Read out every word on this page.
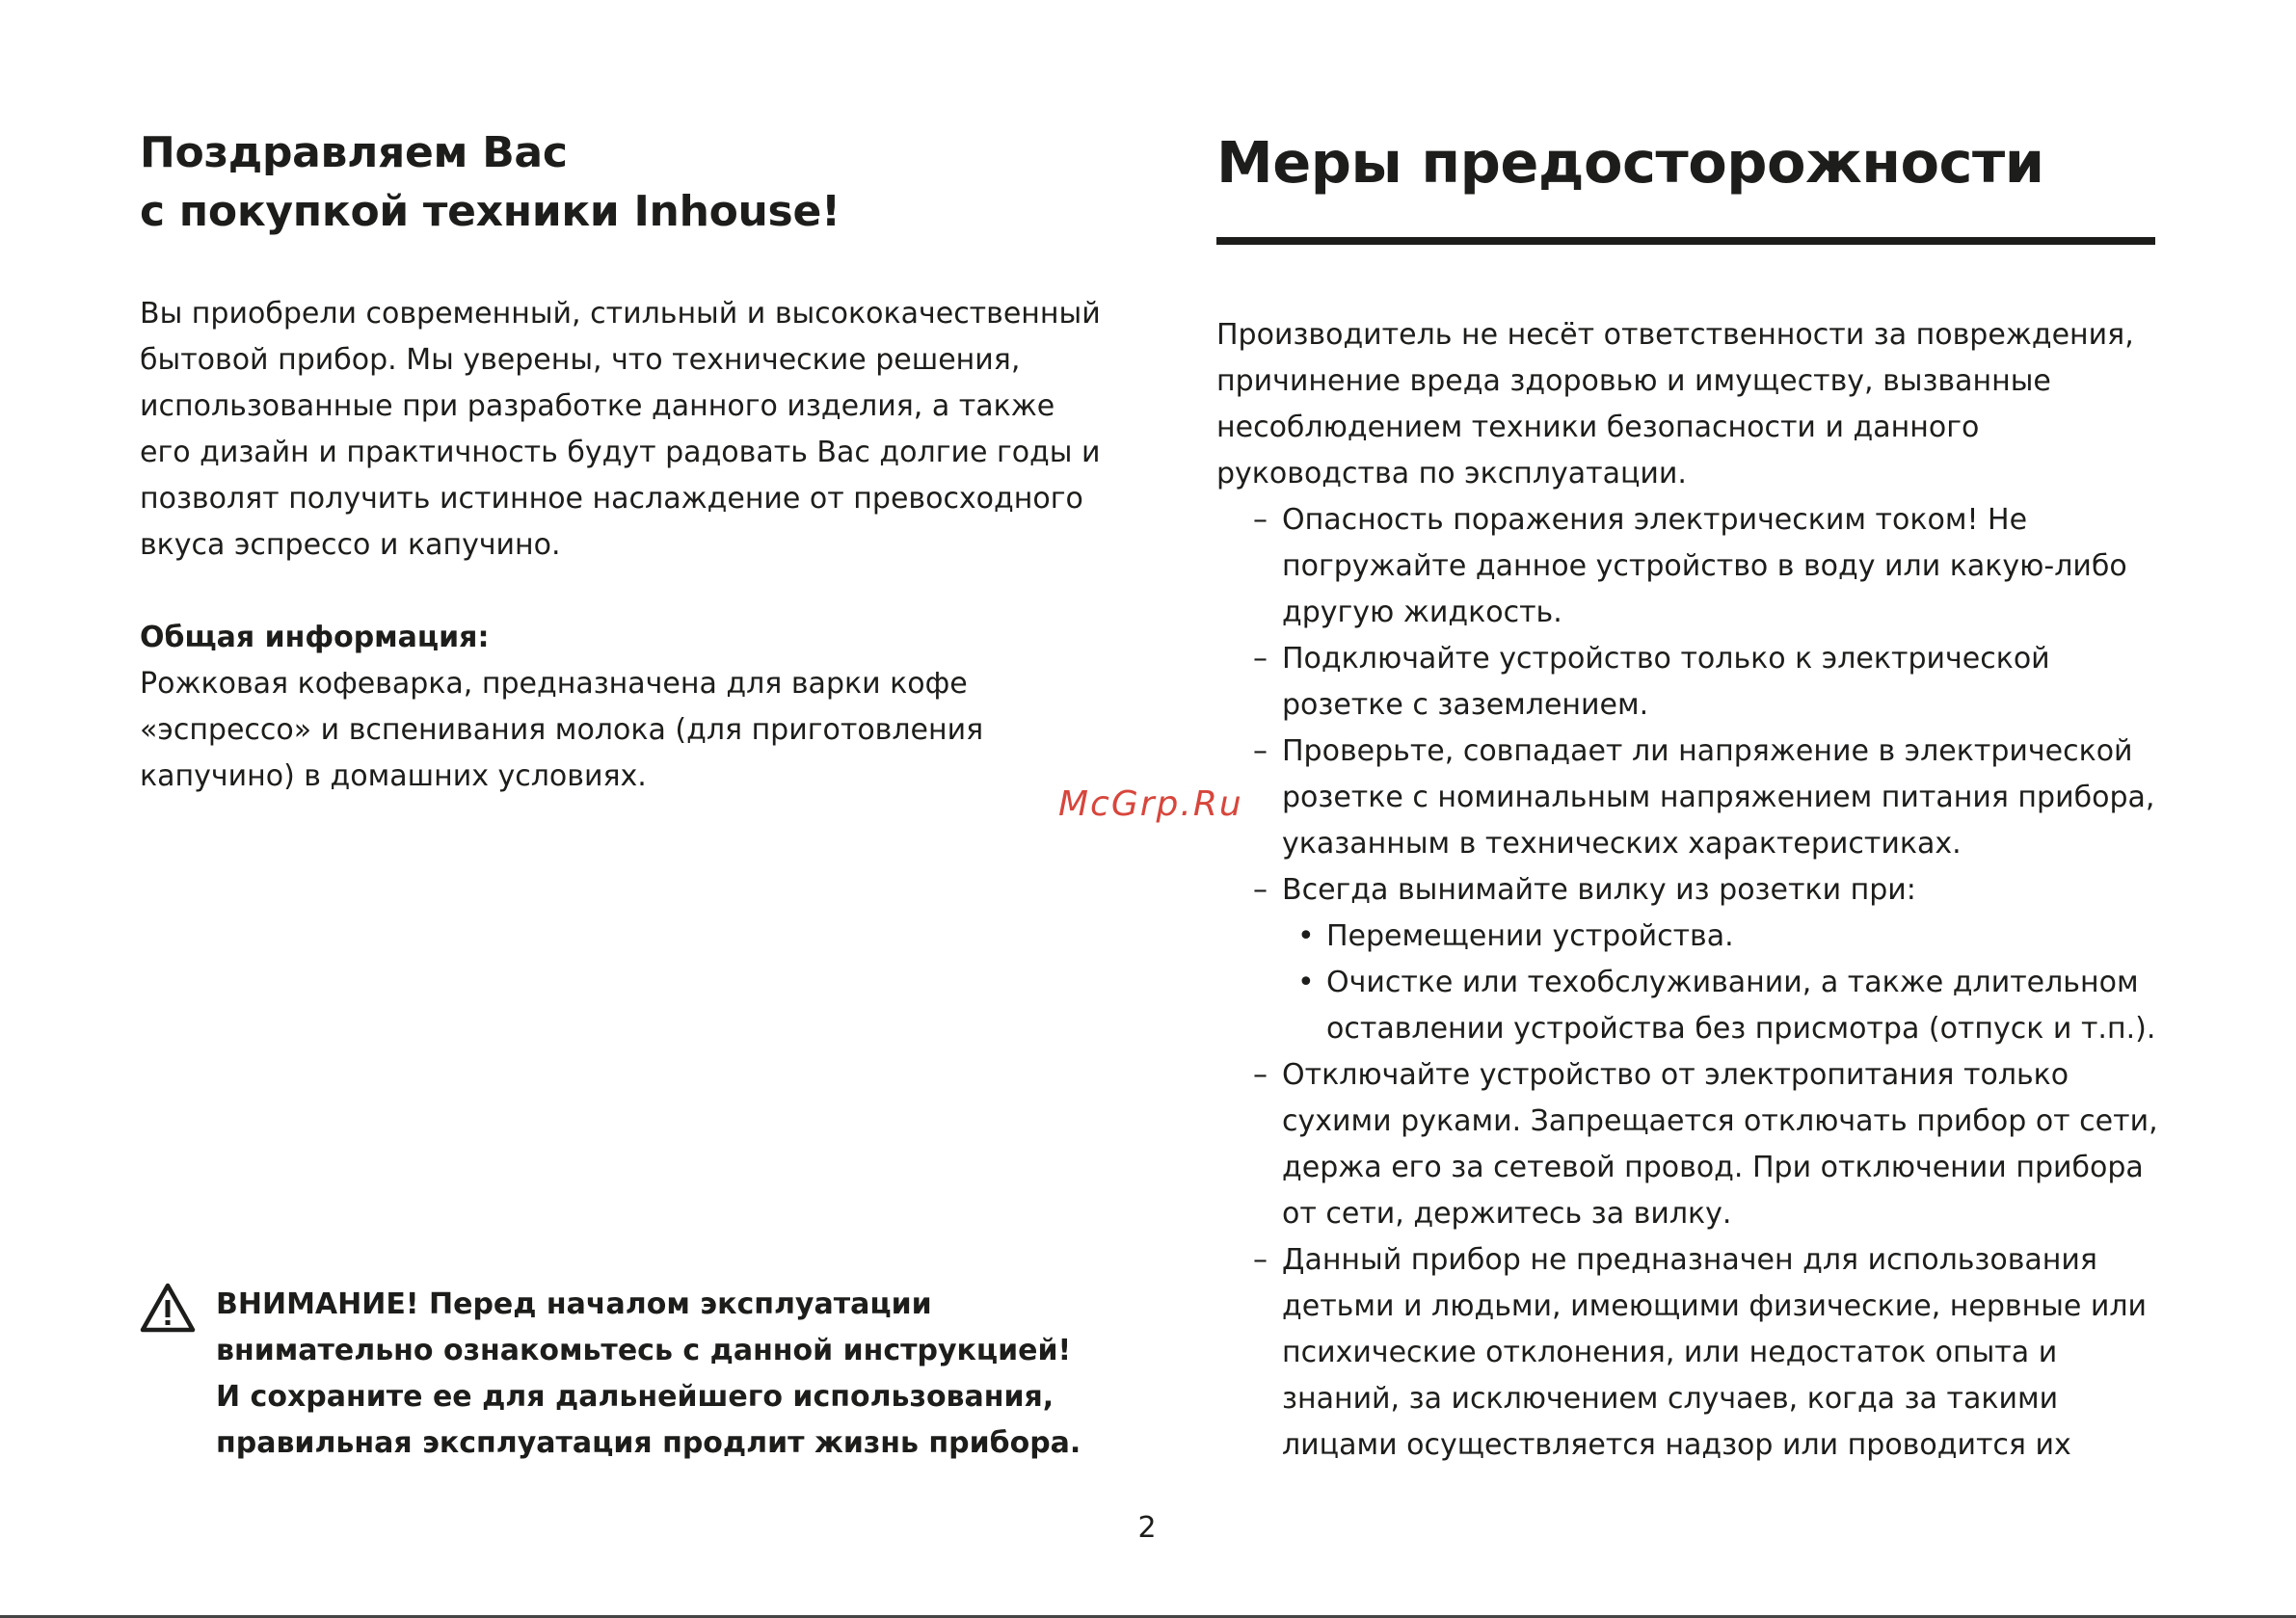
Поздравляем Вас
с покупкой техники Inhouse!

Вы приобрели современный, стильный и высококачественный бытовой прибор. Мы уверены, что технические решения, использованные при разработке данного изделия, а также его дизайн и практичность будут радовать Вас долгие годы и позволят получить истинное наслаждение от превосходного вкуса эспрессо и капучино.

Общая информация:

Рожковая кофеварка, предназначена для варки кофе «эспрессо» и вспенивания молока (для приготовления капучино) в домашних условиях.

ВНИМАНИЕ! Перед началом эксплуатации
внимательно ознакомьтесь с данной инструкцией!
И сохраните ее для дальнейшего использования,
правильная эксплуатация продлит жизнь прибора.
Меры предосторожности

Производитель не несёт ответственности за повреждения, причинение вреда здоровью и имуществу, вызванные несоблюдением техники безопасности и данного руководства по эксплуатации.

– Опасность поражения электрическим током! Не погружайте данное устройство в воду или какую-либо другую жидкость.

– Подключайте устройство только к электрической розетке с заземлением.

– Проверьте, совпадает ли напряжение в электрической розетке с номинальным напряжением питания прибора, указанным в технических характеристиках.

– Всегда вынимайте вилку из розетки при:

• Перемещении устройства.

• Очистке или техобслуживании, а также длительном оставлении устройства без присмотра (отпуск и т.п.).

– Отключайте устройство от электропитания только сухими руками. Запрещается отключать прибор от сети, держа его за сетевой провод. При отключении прибора от сети, держитесь за вилку.

– Данный прибор не предназначен для использования детьми и людьми, имеющими физические, нервные или психические отклонения, или недостаток опыта и знаний, за исключением случаев, когда за такими лицами осуществляется надзор или проводится их

McGrp.Ru
2
